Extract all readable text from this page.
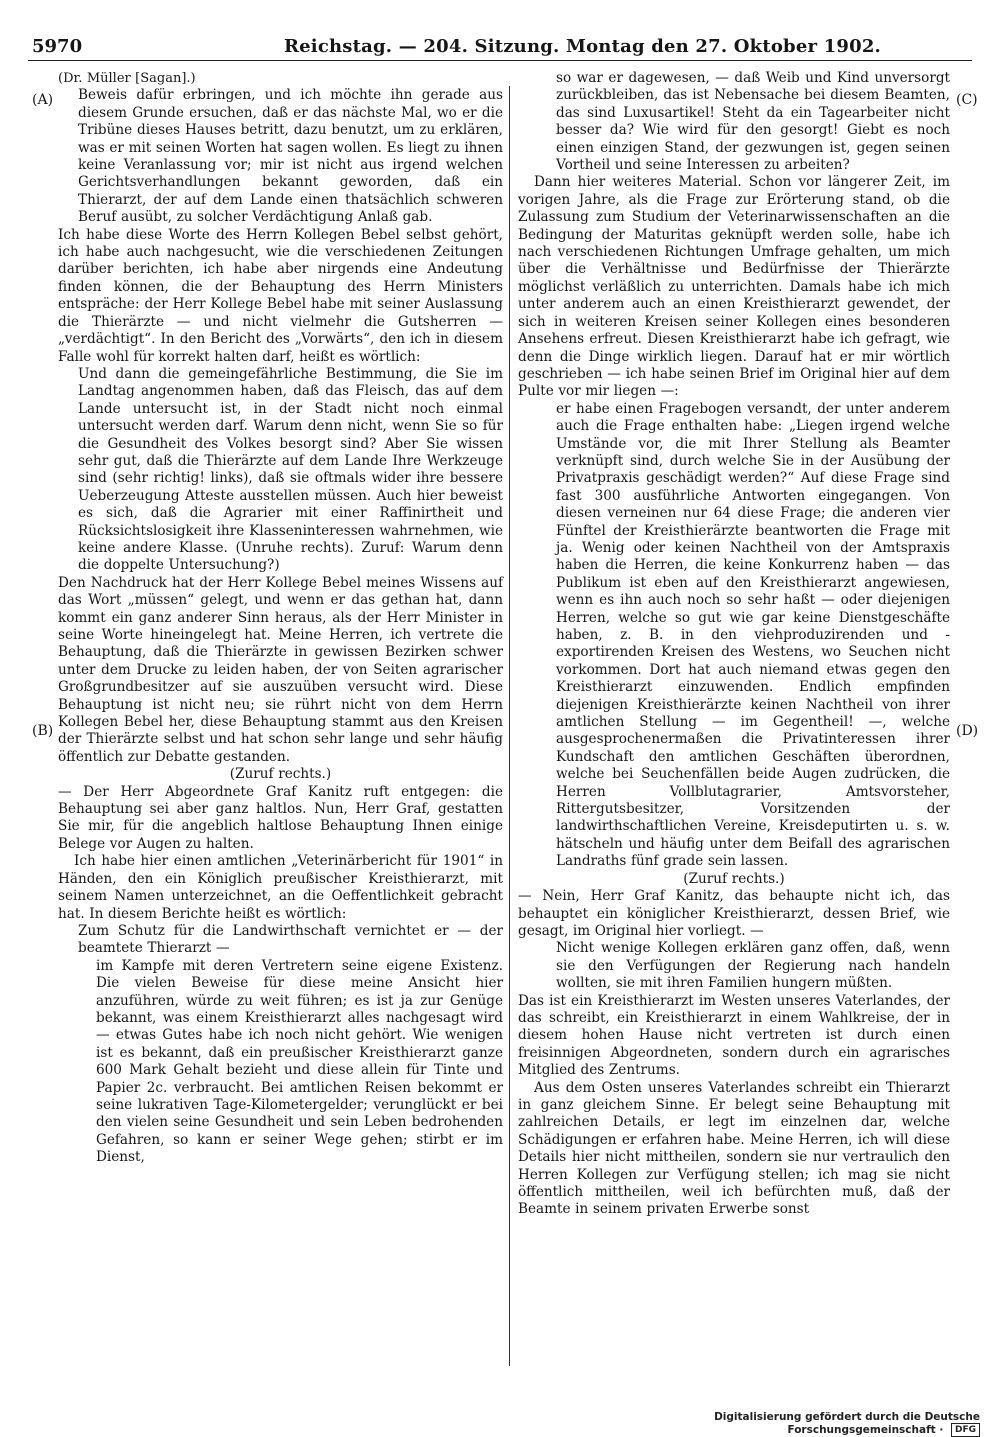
5970	Reichstag. — 204. Sitzung. Montag den 27. Oktober 1902.
(A)
(B)
(C)
(D)

(Dr. Müller [Sagan].)

Beweis dafür erbringen, und ich möchte ihn gerade aus diesem Grunde ersuchen, daß er das nächste Mal, wo er die Tribüne dieses Hauses betritt, dazu benutzt, um zu erklären, was er mit seinen Worten hat sagen wollen. Es liegt zu ihnen keine Veranlassung vor; mir ist nicht aus irgend welchen Gerichtsverhandlungen bekannt geworden, daß ein Thierarzt, der auf dem Lande einen thatsächlich schweren Beruf ausübt, zu solcher Verdächtigung Anlaß gab.

Ich habe diese Worte des Herrn Kollegen Bebel selbst gehört, ich habe auch nachgesucht, wie die verschiedenen Zeitungen darüber berichten, ich habe aber nirgends eine Andeutung finden können, die der Behauptung des Herrn Ministers entspräche: der Herr Kollege Bebel habe mit seiner Auslassung die Thierärzte — und nicht vielmehr die Gutsherren — „verdächtigt“. In den Bericht des „Vorwärts“, den ich in diesem Falle wohl für korrekt halten darf, heißt es wörtlich:

Und dann die gemeingefährliche Bestimmung, die Sie im Landtag angenommen haben, daß das Fleisch, das auf dem Lande untersucht ist, in der Stadt nicht noch einmal untersucht werden darf. Warum denn nicht, wenn Sie so für die Gesundheit des Volkes besorgt sind? Aber Sie wissen sehr gut, daß die Thierärzte auf dem Lande Ihre Werkzeuge sind (sehr richtig! links), daß sie oftmals wider ihre bessere Ueberzeugung Atteste ausstellen müssen. Auch hier beweist es sich, daß die Agrarier mit einer Raffinirtheit und Rücksichtslosigkeit ihre Klasseninteressen wahrnehmen, wie keine andere Klasse. (Unruhe rechts). Zuruf: Warum denn die doppelte Untersuchung?)

Den Nachdruck hat der Herr Kollege Bebel meines Wissens auf das Wort „müssen“ gelegt, und wenn er das gethan hat, dann kommt ein ganz anderer Sinn heraus, als der Herr Minister in seine Worte hineingelegt hat. Meine Herren, ich vertrete die Behauptung, daß die Thierärzte in gewissen Bezirken schwer unter dem Drucke zu leiden haben, der von Seiten agrarischer Großgrundbesitzer auf sie auszuüben versucht wird. Diese Behauptung ist nicht neu; sie rührt nicht von dem Herrn Kollegen Bebel her, diese Behauptung stammt aus den Kreisen der Thierärzte selbst und hat schon sehr lange und sehr häufig öffentlich zur Debatte gestanden.

(Zuruf rechts.)

— Der Herr Abgeordnete Graf Kanitz ruft entgegen: die Behauptung sei aber ganz haltlos. Nun, Herr Graf, gestatten Sie mir, für die angeblich haltlose Behauptung Ihnen einige Belege vor Augen zu halten.

Ich habe hier einen amtlichen „Veterinärbericht für 1901“ in Händen, den ein Königlich preußischer Kreisthierarzt, mit seinem Namen unterzeichnet, an die Oeffentlichkeit gebracht hat. In diesem Berichte heißt es wörtlich:

Zum Schutz für die Landwirthschaft vernichtet er — der beamtete Thierarzt —

im Kampfe mit deren Vertretern seine eigene Existenz. Die vielen Beweise für diese meine Ansicht hier anzuführen, würde zu weit führen; es ist ja zur Genüge bekannt, was einem Kreisthierarzt alles nachgesagt wird — etwas Gutes habe ich noch nicht gehört. Wie wenigen ist es bekannt, daß ein preußischer Kreisthierarzt ganze 600 Mark Gehalt bezieht und diese allein für Tinte und Papier 2c. verbraucht. Bei amtlichen Reisen bekommt er seine lukrativen Tage-Kilometergelder; verunglückt er bei den vielen seine Gesundheit und sein Leben bedrohenden Gefahren, so kann er seiner Wege gehen; stirbt er im Dienst,

so war er dagewesen, — daß Weib und Kind unversorgt zurückbleiben, das ist Nebensache bei diesem Beamten, das sind Luxusartikel! Steht da ein Tagearbeiter nicht besser da? Wie wird für den gesorgt! Giebt es noch einen einzigen Stand, der gezwungen ist, gegen seinen Vortheil und seine Interessen zu arbeiten?

Dann hier weiteres Material. Schon vor längerer Zeit, im vorigen Jahre, als die Frage zur Erörterung stand, ob die Zulassung zum Studium der Veterinarwissenschaften an die Bedingung der Maturitas geknüpft werden solle, habe ich nach verschiedenen Richtungen Umfrage gehalten, um mich über die Verhältnisse und Bedürfnisse der Thierärzte möglichst verläßlich zu unterrichten. Damals habe ich mich unter anderem auch an einen Kreisthierarzt gewendet, der sich in weiteren Kreisen seiner Kollegen eines besonderen Ansehens erfreut. Diesen Kreisthierarzt habe ich gefragt, wie denn die Dinge wirklich liegen. Darauf hat er mir wörtlich geschrieben — ich habe seinen Brief im Original hier auf dem Pulte vor mir liegen —:

er habe einen Fragebogen versandt, der unter anderem auch die Frage enthalten habe: „Liegen irgend welche Umstände vor, die mit Ihrer Stellung als Beamter verknüpft sind, durch welche Sie in der Ausübung der Privatpraxis geschädigt werden?“ Auf diese Frage sind fast 300 ausführliche Antworten eingegangen. Von diesen verneinen nur 64 diese Frage; die anderen vier Fünftel der Kreisthierärzte beantworten die Frage mit ja. Wenig oder keinen Nachtheil von der Amtspraxis haben die Herren, die keine Konkurrenz haben — das Publikum ist eben auf den Kreisthierarzt angewiesen, wenn es ihn auch noch so sehr haßt — oder diejenigen Herren, welche so gut wie gar keine Dienstgeschäfte haben, z. B. in den viehproduzirenden und -exportirenden Kreisen des Westens, wo Seuchen nicht vorkommen. Dort hat auch niemand etwas gegen den Kreisthierarzt einzuwenden. Endlich empfinden diejenigen Kreisthierärzte keinen Nachtheil von ihrer amtlichen Stellung — im Gegentheil! —, welche ausgesprochenermaßen die Privatinteressen ihrer Kundschaft den amtlichen Geschäften überordnen, welche bei Seuchenfällen beide Augen zudrücken, die Herren Vollblutagrarier, Amtsvorsteher, Rittergutsbesitzer, Vorsitzenden der landwirthschaftlichen Vereine, Kreisdeputirten u. s. w. hätscheln und häufig unter dem Beifall des agrarischen Landraths fünf grade sein lassen.

(Zuruf rechts.)

— Nein, Herr Graf Kanitz, das behaupte nicht ich, das behauptet ein königlicher Kreisthierarzt, dessen Brief, wie gesagt, im Original hier vorliegt. —

Nicht wenige Kollegen erklären ganz offen, daß, wenn sie den Verfügungen der Regierung nach handeln wollten, sie mit ihren Familien hungern müßten.

Das ist ein Kreisthierarzt im Westen unseres Vaterlandes, der das schreibt, ein Kreisthierarzt in einem Wahlkreise, der in diesem hohen Hause nicht vertreten ist durch einen freisinnigen Abgeordneten, sondern durch ein agrarisches Mitglied des Zentrums.

Aus dem Osten unseres Vaterlandes schreibt ein Thierarzt in ganz gleichem Sinne. Er belegt seine Behauptung mit zahlreichen Details, er legt im einzelnen dar, welche Schädigungen er erfahren habe. Meine Herren, ich will diese Details hier nicht mittheilen, sondern sie nur vertraulich den Herren Kollegen zur Verfügung stellen; ich mag sie nicht öffentlich mittheilen, weil ich befürchten muß, daß der Beamte in seinem privaten Erwerbe sonst

Digitalisierung gefördert durch die Deutsche Forschungsgemeinschaft · DFG
